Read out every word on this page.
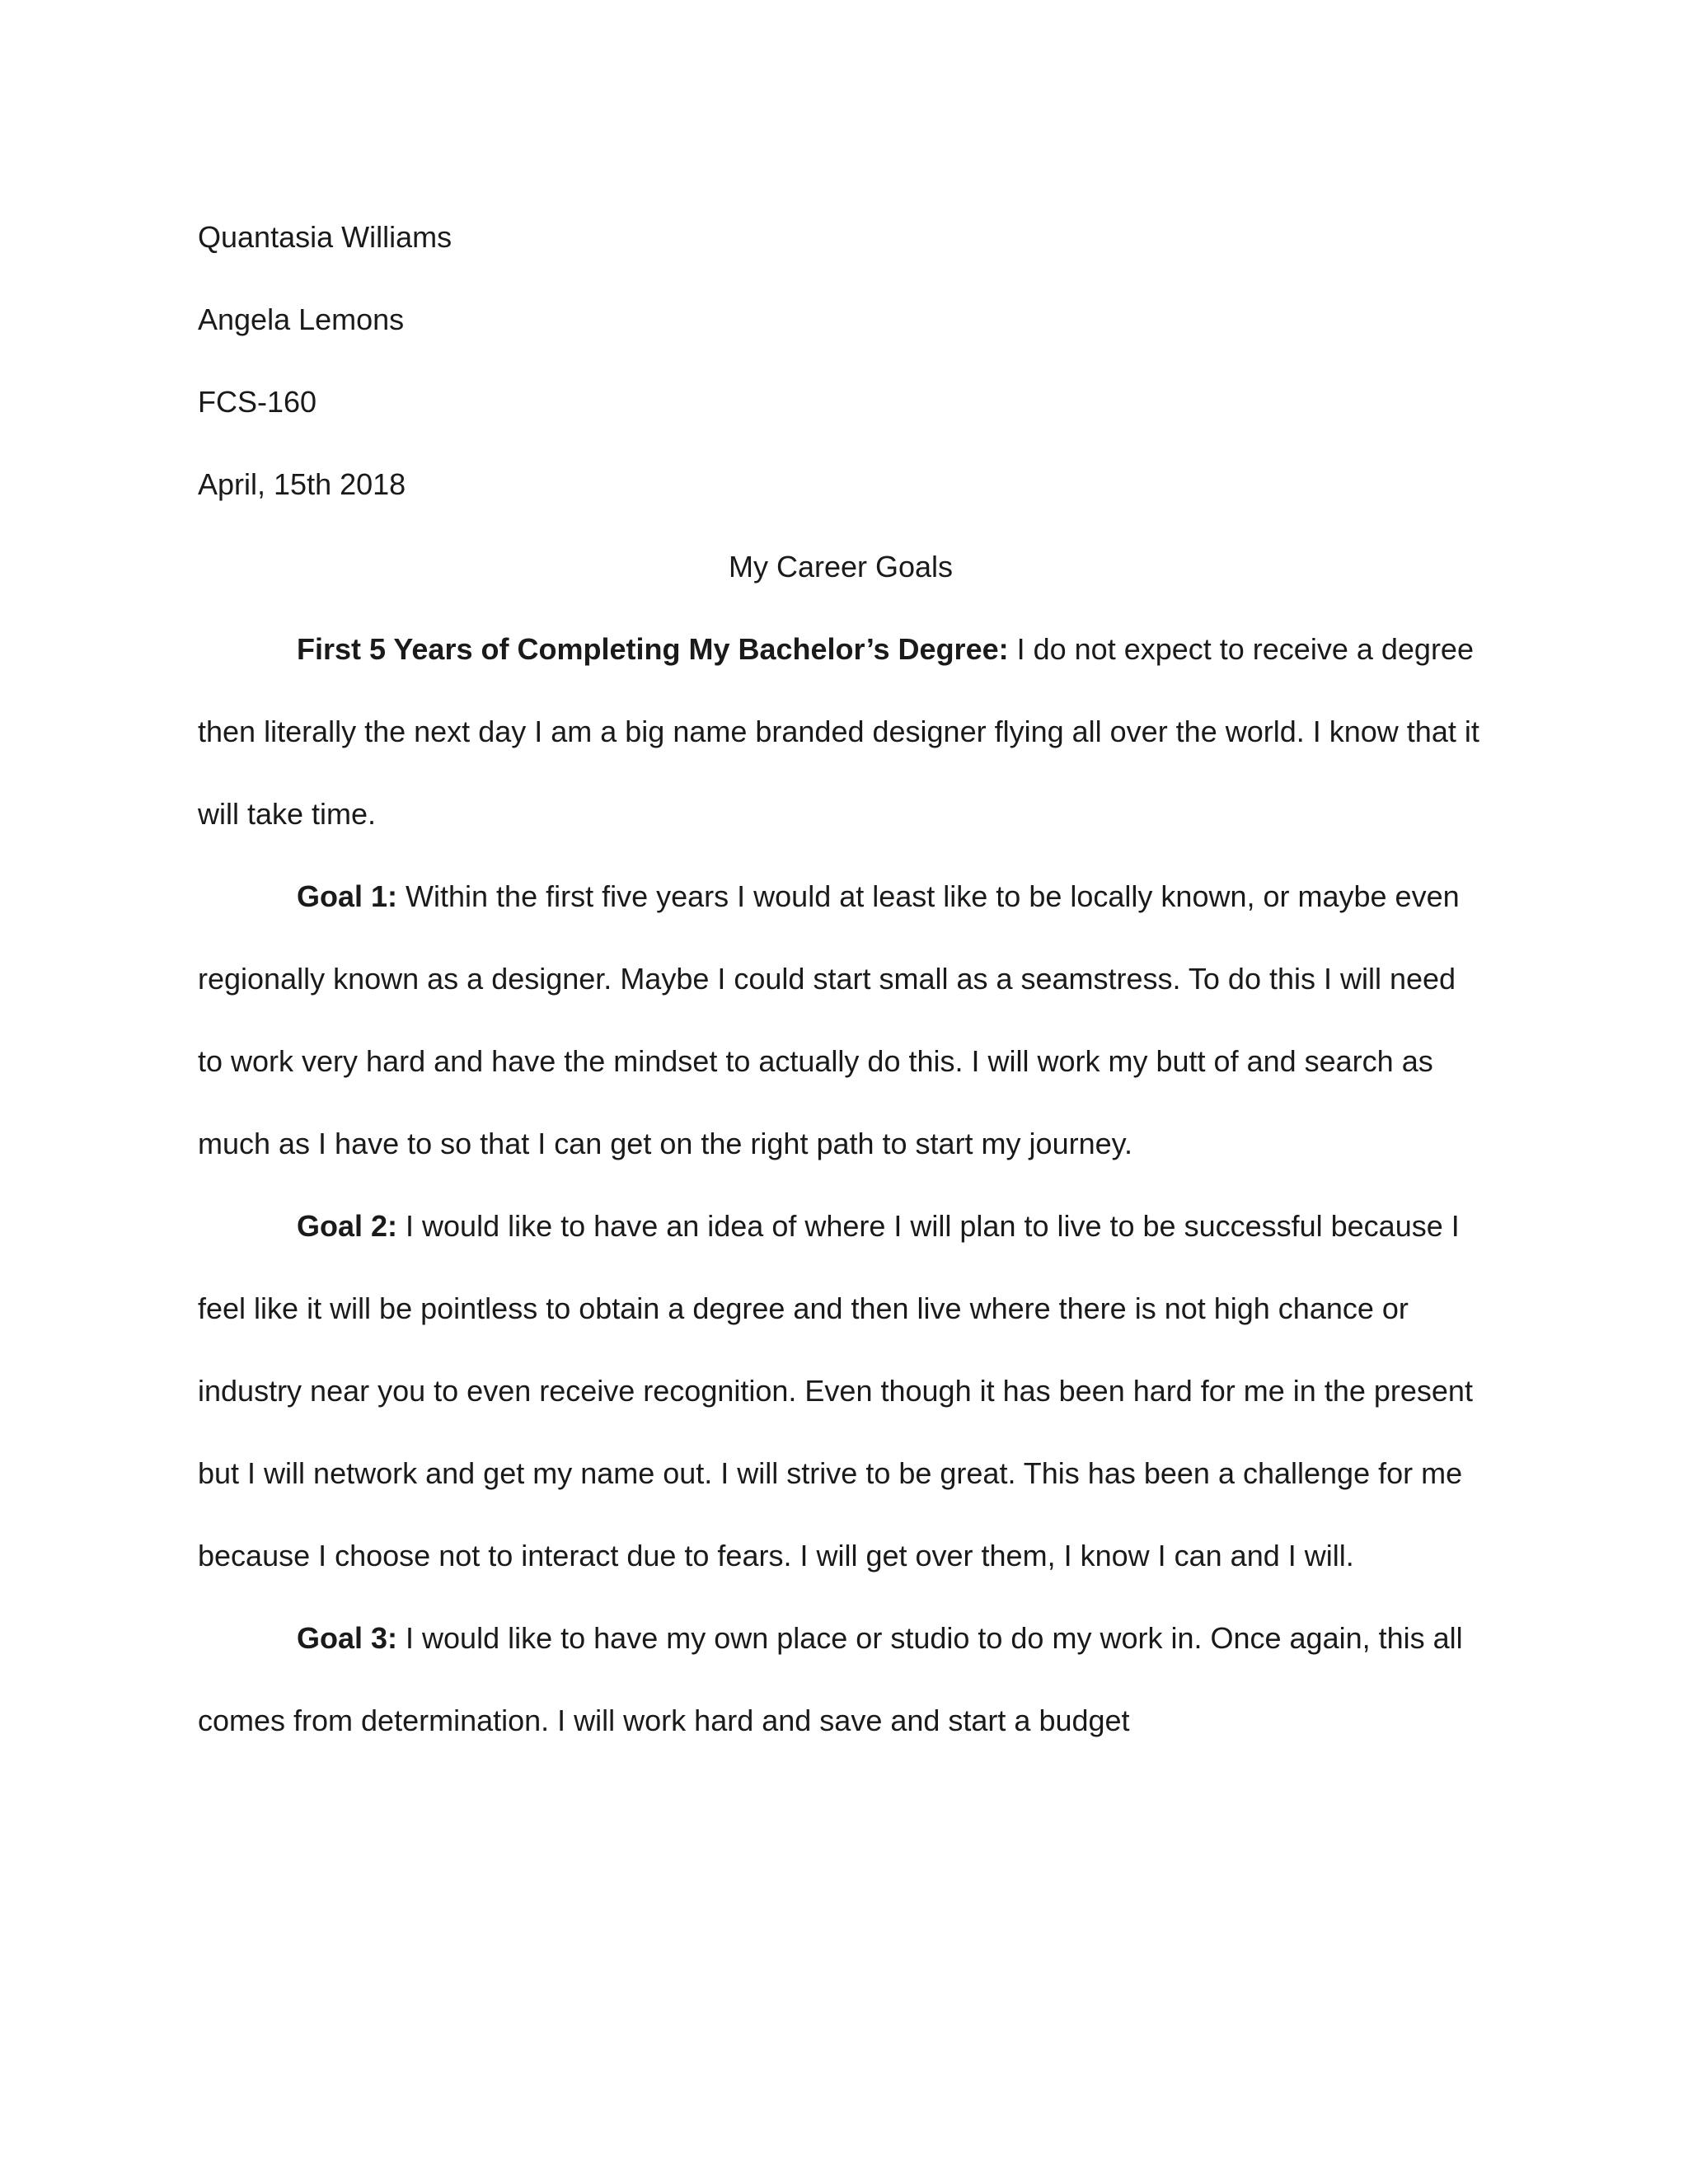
Quantasia Williams

Angela Lemons

FCS-160

April, 15th 2018

My Career Goals

First 5 Years of Completing My Bachelor’s Degree: I do not expect to receive a degree then literally the next day I am a big name branded designer flying all over the world. I know that it will take time.

Goal 1: Within the first five years I would at least like to be locally known, or maybe even regionally known as a designer. Maybe I could start small as a seamstress. To do this I will need to work very hard and have the mindset to actually do this. I will work my butt of and search as much as I have to so that I can get on the right path to start my journey.

Goal 2: I would like to have an idea of where I will plan to live to be successful because I feel like it will be pointless to obtain a degree and then live where there is not high chance or industry near you to even receive recognition. Even though it has been hard for me in the present but I will network and get my name out. I will strive to be great. This has been a challenge for me because I choose not to interact due to fears. I will get over them, I know I can and I will.

Goal 3: I would like to have my own place or studio to do my work in. Once again, this all comes from determination. I will work hard and save and start a budget
